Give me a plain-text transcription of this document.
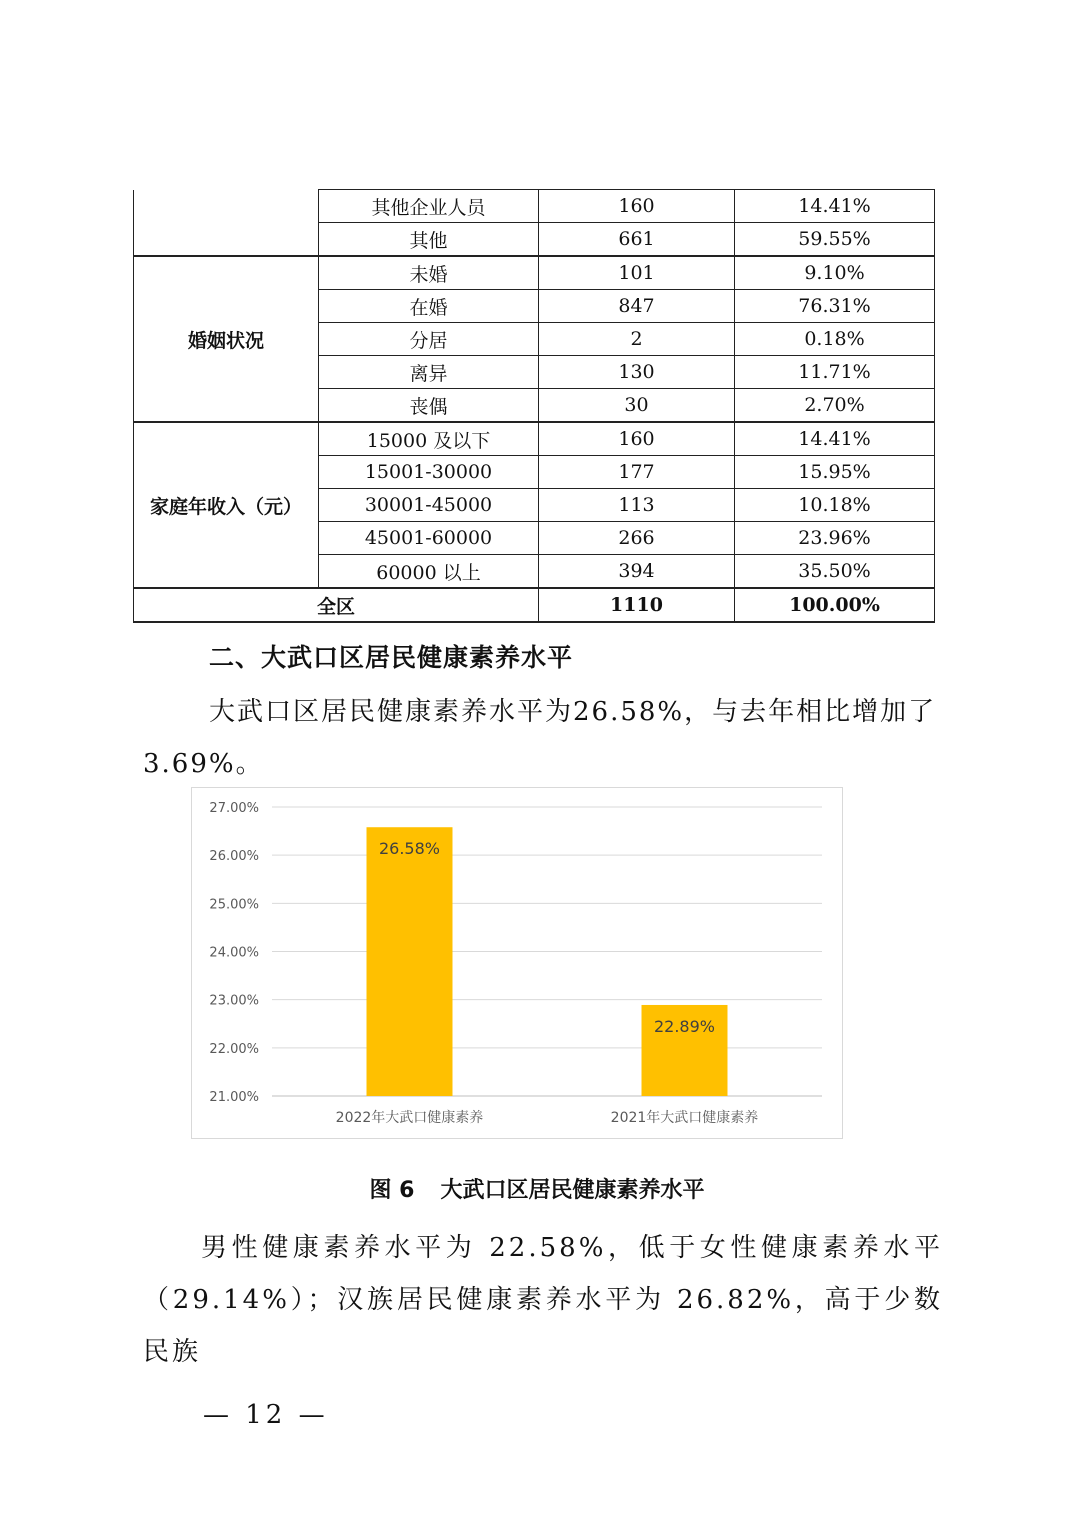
	其他企业人员	160	14.41%
	其他	661	59.55%
婚姻状况	未婚	101	9.10%
	在婚	847	76.31%
	分居	2	0.18%
	离异	130	11.71%
	丧偶	30	2.70%
家庭年收入（元）	15000 及以下	160	14.41%
	15001-30000	177	15.95%
	30001-45000	113	10.18%
	45001-60000	266	23.96%
	60000 以上	394	35.50%
全区		1110	100.00%
二、大武口区居民健康素养水平
大武口区居民健康素养水平为26.58%，与去年相比增加了3.69%。
21.00%
22.00%
23.00%
24.00%
25.00%
26.00%
27.00%
26.58%
2022年大武口健康素养
22.89%
2021年大武口健康素养
图 6 大武口区居民健康素养水平
男性健康素养水平为 22.58%，低于女性健康素养水平（29.14%）；汉族居民健康素养水平为 26.82%，高于少数民族
— 12 —
